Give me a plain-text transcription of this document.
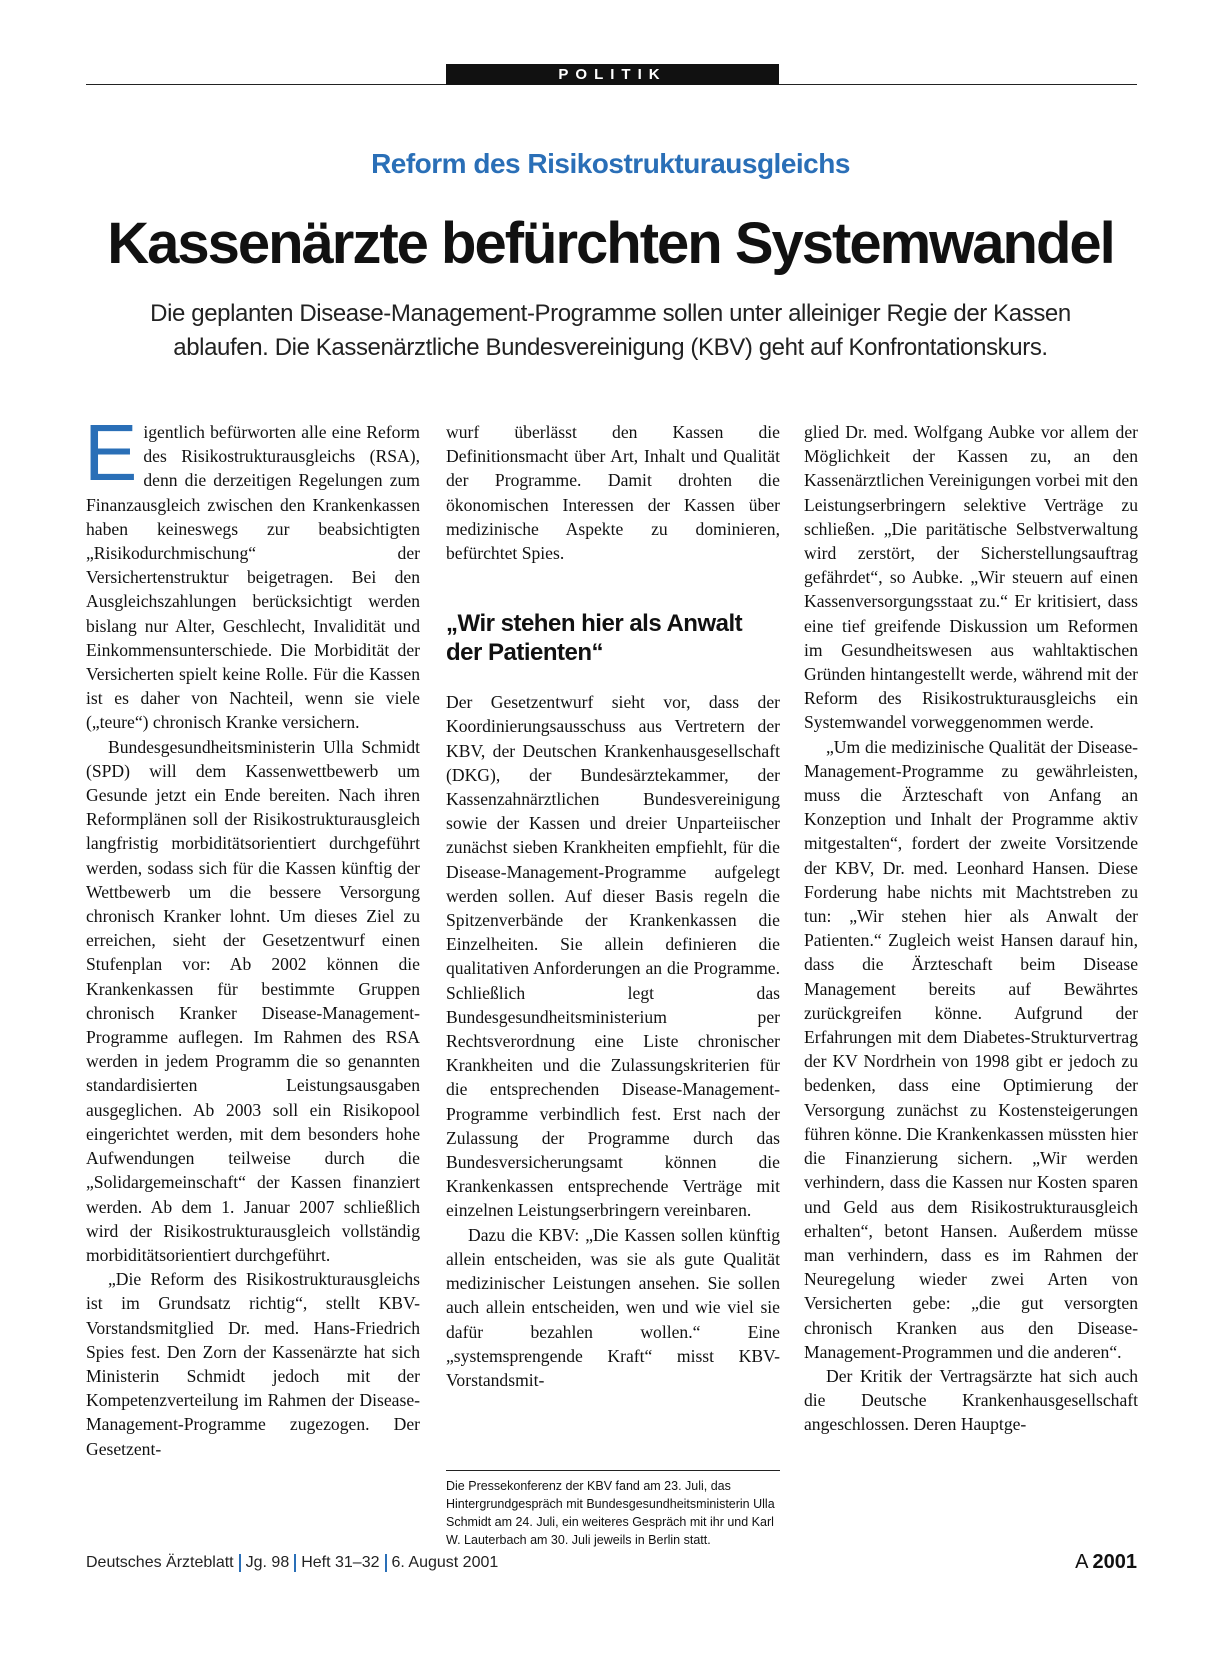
POLITIK
Reform des Risikostrukturausgleichs
Kassenärzte befürchten Systemwandel
Die geplanten Disease-Management-Programme sollen unter alleiniger Regie der Kassen ablaufen. Die Kassenärztliche Bundesvereinigung (KBV) geht auf Konfrontationskurs.

Eigentlich befürworten alle eine Reform des Risikostrukturausgleichs (RSA), denn die derzeitigen Regelungen zum Finanzausgleich zwischen den Krankenkassen haben keineswegs zur beabsichtigten „Risikodurchmischung“ der Versichertenstruktur beigetragen. Bei den Ausgleichszahlungen berücksichtigt werden bislang nur Alter, Geschlecht, Invalidität und Einkommensunterschiede. Die Morbidität der Versicherten spielt keine Rolle. Für die Kassen ist es daher von Nachteil, wenn sie viele („teure“) chronisch Kranke versichern.

Bundesgesundheitsministerin Ulla Schmidt (SPD) will dem Kassenwettbewerb um Gesunde jetzt ein Ende bereiten. Nach ihren Reformplänen soll der Risikostrukturausgleich langfristig morbiditätsorientiert durchgeführt werden, sodass sich für die Kassen künftig der Wettbewerb um die bessere Versorgung chronisch Kranker lohnt. Um dieses Ziel zu erreichen, sieht der Gesetzentwurf einen Stufenplan vor: Ab 2002 können die Krankenkassen für bestimmte Gruppen chronisch Kranker Disease-Management-Programme auflegen. Im Rahmen des RSA werden in jedem Programm die so genannten standardisierten Leistungsausgaben ausgeglichen. Ab 2003 soll ein Risikopool eingerichtet werden, mit dem besonders hohe Aufwendungen teilweise durch die „Solidargemeinschaft“ der Kassen finanziert werden. Ab dem 1. Januar 2007 schließlich wird der Risikostrukturausgleich vollständig morbiditätsorientiert durchgeführt.

„Die Reform des Risikostrukturausgleichs ist im Grundsatz richtig“, stellt KBV-Vorstandsmitglied Dr. med. Hans-Friedrich Spies fest. Den Zorn der Kassenärzte hat sich Ministerin Schmidt jedoch mit der Kompetenzverteilung im Rahmen der Disease-Management-Programme zugezogen. Der Gesetzent-

wurf überlässt den Kassen die Definitionsmacht über Art, Inhalt und Qualität der Programme. Damit drohten die ökonomischen Interessen der Kassen über medizinische Aspekte zu dominieren, befürchtet Spies.

„Wir stehen hier als Anwalt der Patienten“

Der Gesetzentwurf sieht vor, dass der Koordinierungsausschuss aus Vertretern der KBV, der Deutschen Krankenhausgesellschaft (DKG), der Bundesärztekammer, der Kassenzahnärztlichen Bundesvereinigung sowie der Kassen und dreier Unparteiischer zunächst sieben Krankheiten empfiehlt, für die Disease-Management-Programme aufgelegt werden sollen. Auf dieser Basis regeln die Spitzenverbände der Krankenkassen die Einzelheiten. Sie allein definieren die qualitativen Anforderungen an die Programme. Schließlich legt das Bundesgesundheitsministerium per Rechtsverordnung eine Liste chronischer Krankheiten und die Zulassungskriterien für die entsprechenden Disease-Management-Programme verbindlich fest. Erst nach der Zulassung der Programme durch das Bundesversicherungsamt können die Krankenkassen entsprechende Verträge mit einzelnen Leistungserbringern vereinbaren.

Dazu die KBV: „Die Kassen sollen künftig allein entscheiden, was sie als gute Qualität medizinischer Leistungen ansehen. Sie sollen auch allein entscheiden, wen und wie viel sie dafür bezahlen wollen.“ Eine „systemsprengende Kraft“ misst KBV-Vorstandsmit-

Die Pressekonferenz der KBV fand am 23. Juli, das Hintergrundgespräch mit Bundesgesundheitsministerin Ulla Schmidt am 24. Juli, ein weiteres Gespräch mit ihr und Karl W. Lauterbach am 30. Juli jeweils in Berlin statt.

glied Dr. med. Wolfgang Aubke vor allem der Möglichkeit der Kassen zu, an den Kassenärztlichen Vereinigungen vorbei mit den Leistungserbringern selektive Verträge zu schließen. „Die paritätische Selbstverwaltung wird zerstört, der Sicherstellungsauftrag gefährdet“, so Aubke. „Wir steuern auf einen Kassenversorgungsstaat zu.“ Er kritisiert, dass eine tief greifende Diskussion um Reformen im Gesundheitswesen aus wahltaktischen Gründen hintangestellt werde, während mit der Reform des Risikostrukturausgleichs ein Systemwandel vorweggenommen werde.

„Um die medizinische Qualität der Disease-Management-Programme zu gewährleisten, muss die Ärzteschaft von Anfang an Konzeption und Inhalt der Programme aktiv mitgestalten“, fordert der zweite Vorsitzende der KBV, Dr. med. Leonhard Hansen. Diese Forderung habe nichts mit Machtstreben zu tun: „Wir stehen hier als Anwalt der Patienten.“ Zugleich weist Hansen darauf hin, dass die Ärzteschaft beim Disease Management bereits auf Bewährtes zurückgreifen könne. Aufgrund der Erfahrungen mit dem Diabetes-Strukturvertrag der KV Nordrhein von 1998 gibt er jedoch zu bedenken, dass eine Optimierung der Versorgung zunächst zu Kostensteigerungen führen könne. Die Krankenkassen müssten hier die Finanzierung sichern. „Wir werden verhindern, dass die Kassen nur Kosten sparen und Geld aus dem Risikostrukturausgleich erhalten“, betont Hansen. Außerdem müsse man verhindern, dass es im Rahmen der Neuregelung wieder zwei Arten von Versicherten gebe: „die gut versorgten chronisch Kranken aus den Disease-Management-Programmen und die anderen“.

Der Kritik der Vertragsärzte hat sich auch die Deutsche Krankenhausgesellschaft angeschlossen. Deren Hauptge-

Deutsches Ärzteblatt Jg. 98 Heft 31–32 6. August 2001	A 2001
